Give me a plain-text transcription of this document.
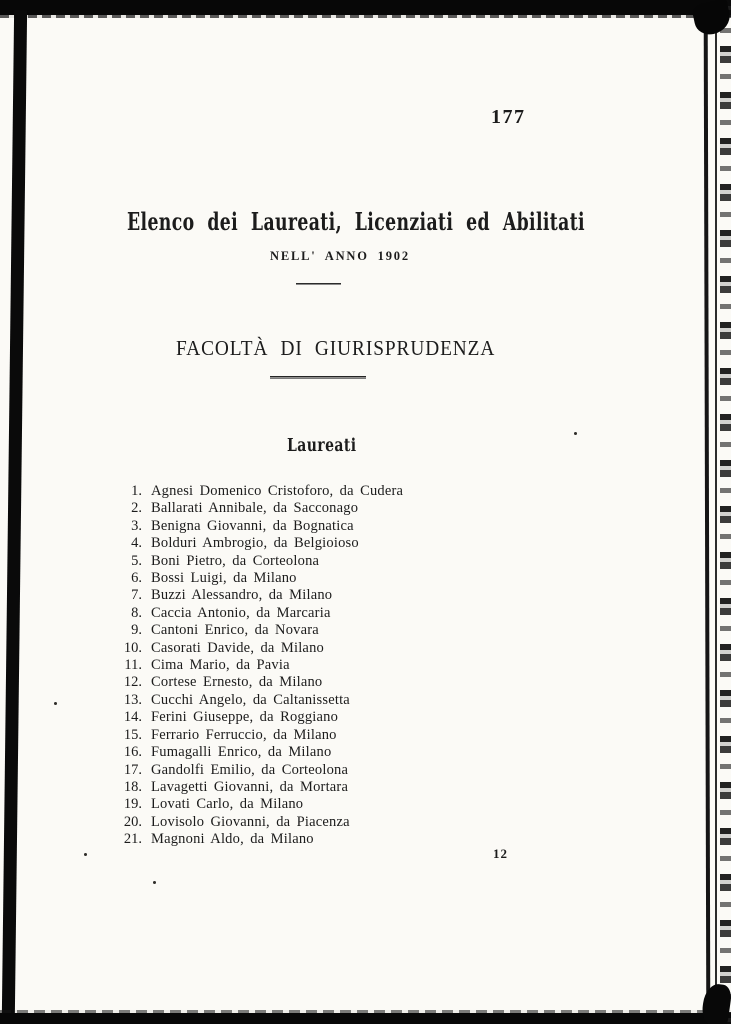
177
Elenco dei Laureati, Licenziati ed Abilitati
NELL' ANNO 1902
FACOLTÀ DI GIURISPRUDENZA
Laureati
1. Agnesi Domenico Cristoforo, da Cudera
2. Ballarati Annibale, da Sacconago
3. Benigna Giovanni, da Bognatica
4. Bolduri Ambrogio, da Belgioioso
5. Boni Pietro, da Corteolona
6. Bossi Luigi, da Milano
7. Buzzi Alessandro, da Milano
8. Caccia Antonio, da Marcaria
9. Cantoni Enrico, da Novara
10. Casorati Davide, da Milano
11. Cima Mario, da Pavia
12. Cortese Ernesto, da Milano
13. Cucchi Angelo, da Caltanissetta
14. Ferini Giuseppe, da Roggiano
15. Ferrario Ferruccio, da Milano
16. Fumagalli Enrico, da Milano
17. Gandolfi Emilio, da Corteolona
18. Lavagetti Giovanni, da Mortara
19. Lovati Carlo, da Milano
20. Lovisolo Giovanni, da Piacenza
21. Magnoni Aldo, da Milano
12
